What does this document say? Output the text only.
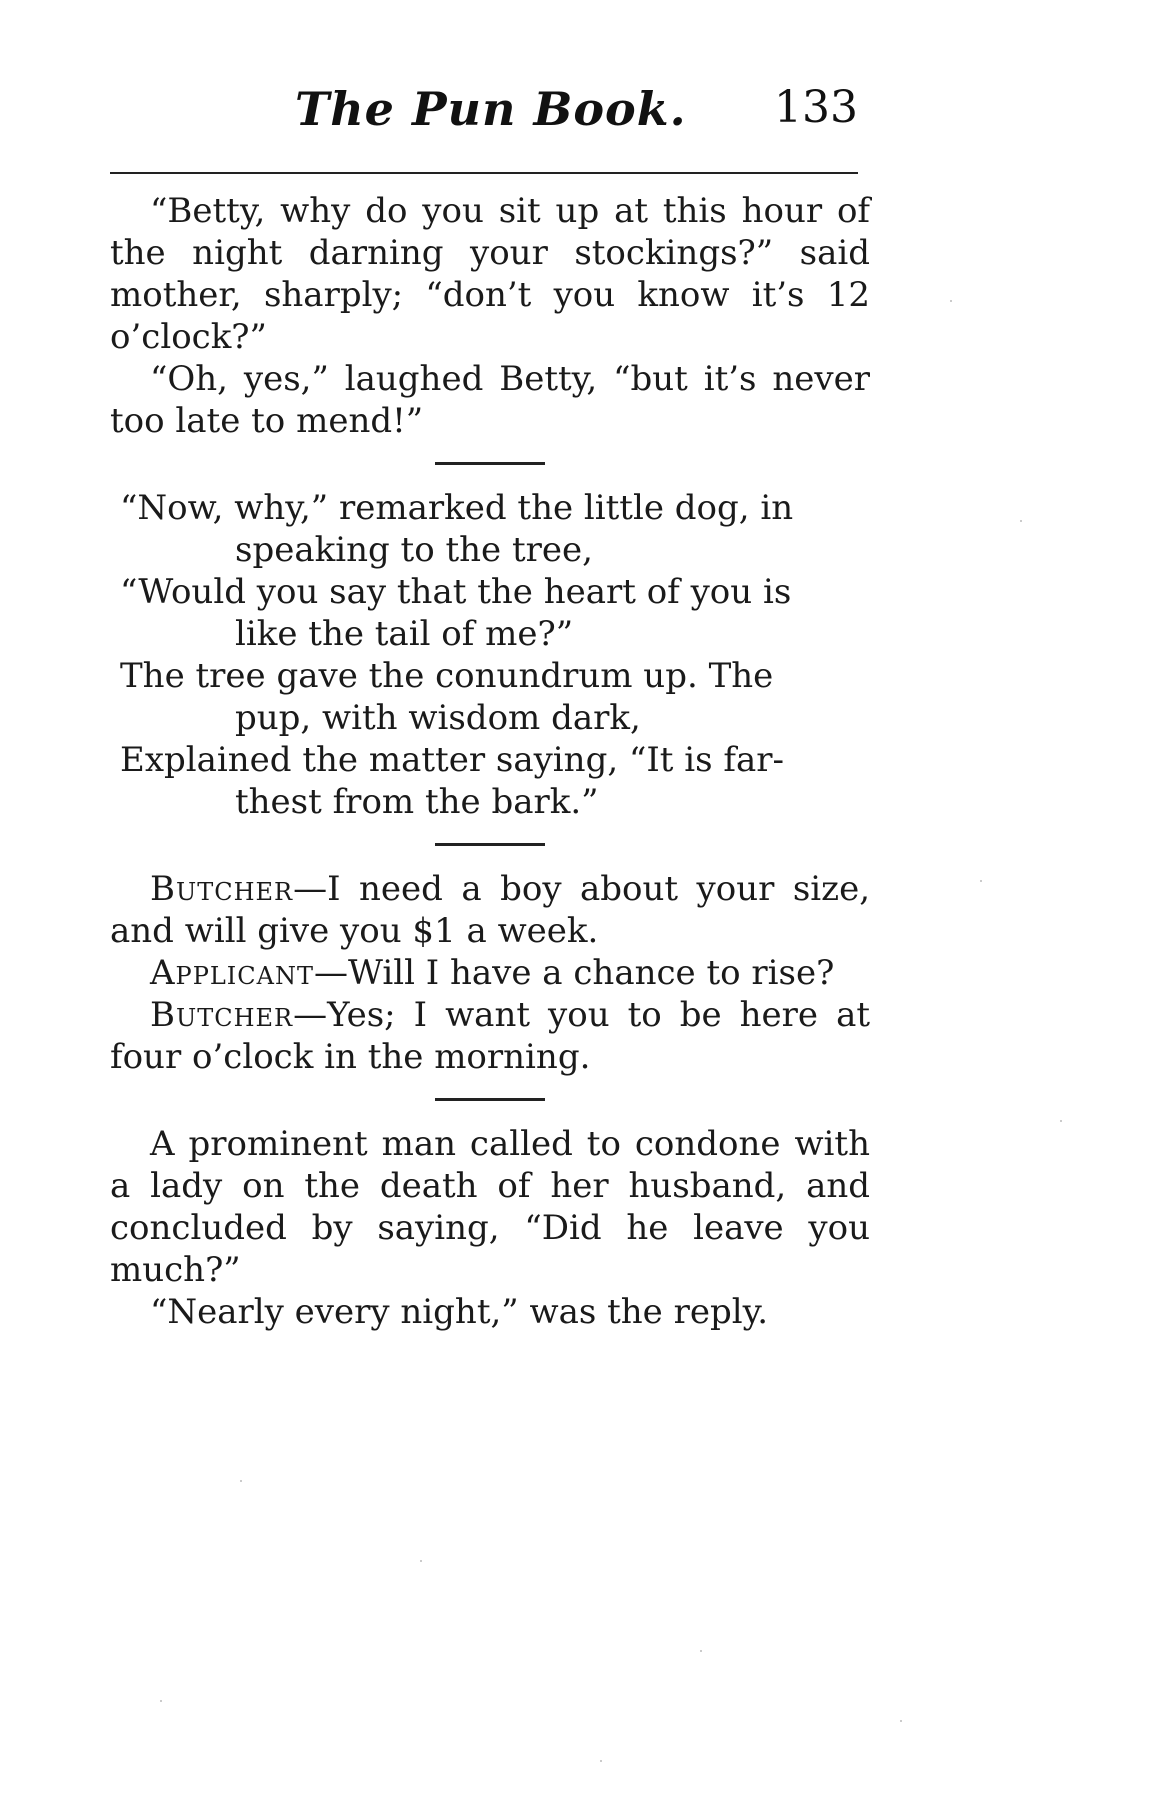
The Pun Book. 133

“Betty, why do you sit up at this hour of the night darning your stockings?” said mother, sharply; “don’t you know it’s 12 o’clock?”

“Oh, yes,” laughed Betty, “but it’s never too late to mend!”

“Now, why,” remarked the little dog, in
speaking to the tree,
“Would you say that the heart of you is
like the tail of me?”
The tree gave the conundrum up. The
pup, with wisdom dark,
Explained the matter saying, “It is far-
thest from the bark.”

Butcher—I need a boy about your size, and will give you $1 a week.

Applicant—Will I have a chance to rise?

Butcher—Yes; I want you to be here at four o’clock in the morning.

A prominent man called to condone with a lady on the death of her husband, and concluded by saying, “Did he leave you much?”

“Nearly every night,” was the reply.
